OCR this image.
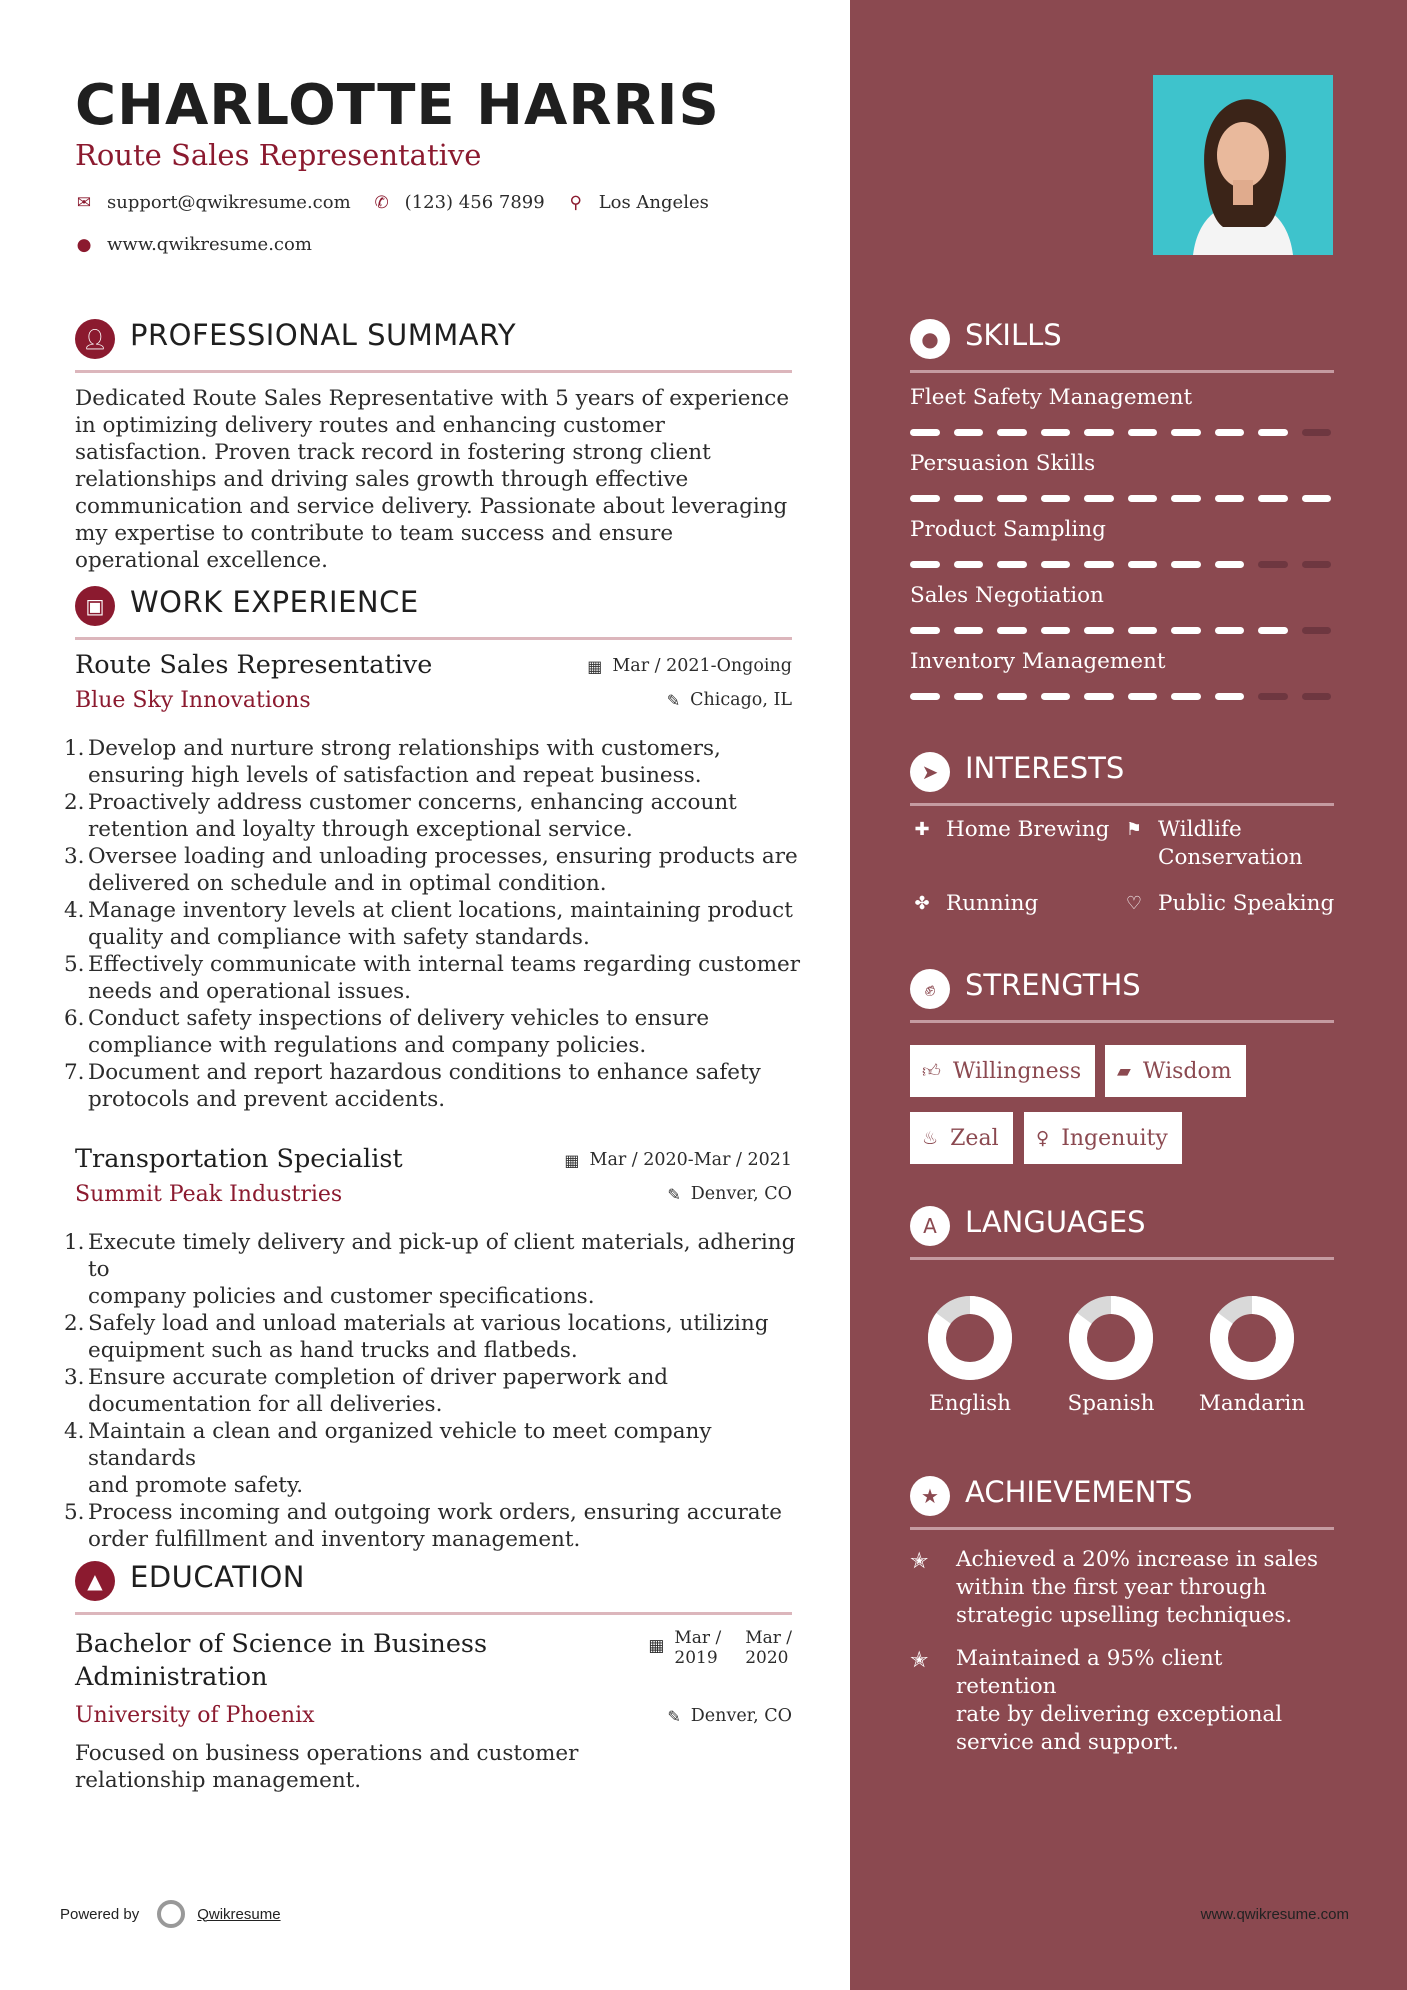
CHARLOTTE HARRIS
Route Sales Representative
✉ support@qwikresume.com ✆ (123) 456 7899 ⚲ Los Angeles
● www.qwikresume.com
👤︎ PROFESSIONAL SUMMARY
Dedicated Route Sales Representative with 5 years of experience in optimizing delivery routes and enhancing customer satisfaction. Proven track record in fostering strong client relationships and driving sales growth through effective communication and service delivery. Passionate about leveraging my expertise to contribute to team success and ensure operational excellence.
▣ WORK EXPERIENCE
Route Sales Representative
Blue Sky Innovations
▦ Mar / 2021-Ongoing
✎ Chicago, IL
1. Develop and nurture strong relationships with customers,
ensuring high levels of satisfaction and repeat business.
2. Proactively address customer concerns, enhancing account
retention and loyalty through exceptional service.
3. Oversee loading and unloading processes, ensuring products are
delivered on schedule and in optimal condition.
4. Manage inventory levels at client locations, maintaining product
quality and compliance with safety standards.
5. Effectively communicate with internal teams regarding customer
needs and operational issues.
6. Conduct safety inspections of delivery vehicles to ensure
compliance with regulations and company policies.
7. Document and report hazardous conditions to enhance safety
protocols and prevent accidents.
Transportation Specialist
Summit Peak Industries
▦ Mar / 2020-Mar / 2021
✎ Denver, CO
1. Execute timely delivery and pick-up of client materials, adhering to
company policies and customer specifications.
2. Safely load and unload materials at various locations, utilizing
equipment such as hand trucks and flatbeds.
3. Ensure accurate completion of driver paperwork and
documentation for all deliveries.
4. Maintain a clean and organized vehicle to meet company standards
and promote safety.
5. Process incoming and outgoing work orders, ensuring accurate
order fulfillment and inventory management.
▲ EDUCATION
Bachelor of Science in Business
Administration
▦ Mar /
2019
Mar /
2020
University of Phoenix	✎ Denver, CO
Focused on business operations and customer relationship management.
● SKILLS
Fleet Safety Management
Persuasion Skills
Product Sampling
Sales Negotiation
Inventory Management
➤ INTERESTS
✚ Home Brewing ⚑ Wildlife
Conservation
✤ Running	♡ Public Speaking
✊︎	STRENGTHS
👍︎ Willingness ▰ Wisdom
♨ Zeal ♀ Ingenuity
A LANGUAGES
English	Spanish	Mandarin
★ ACHIEVEMENTS
✭ Achieved a 20% increase in sales
within the first year through
strategic upselling techniques.
✭ Maintained a 95% client retention
rate by delivering exceptional
service and support.
Powered by	Qwikresume	www.qwikresume.com
